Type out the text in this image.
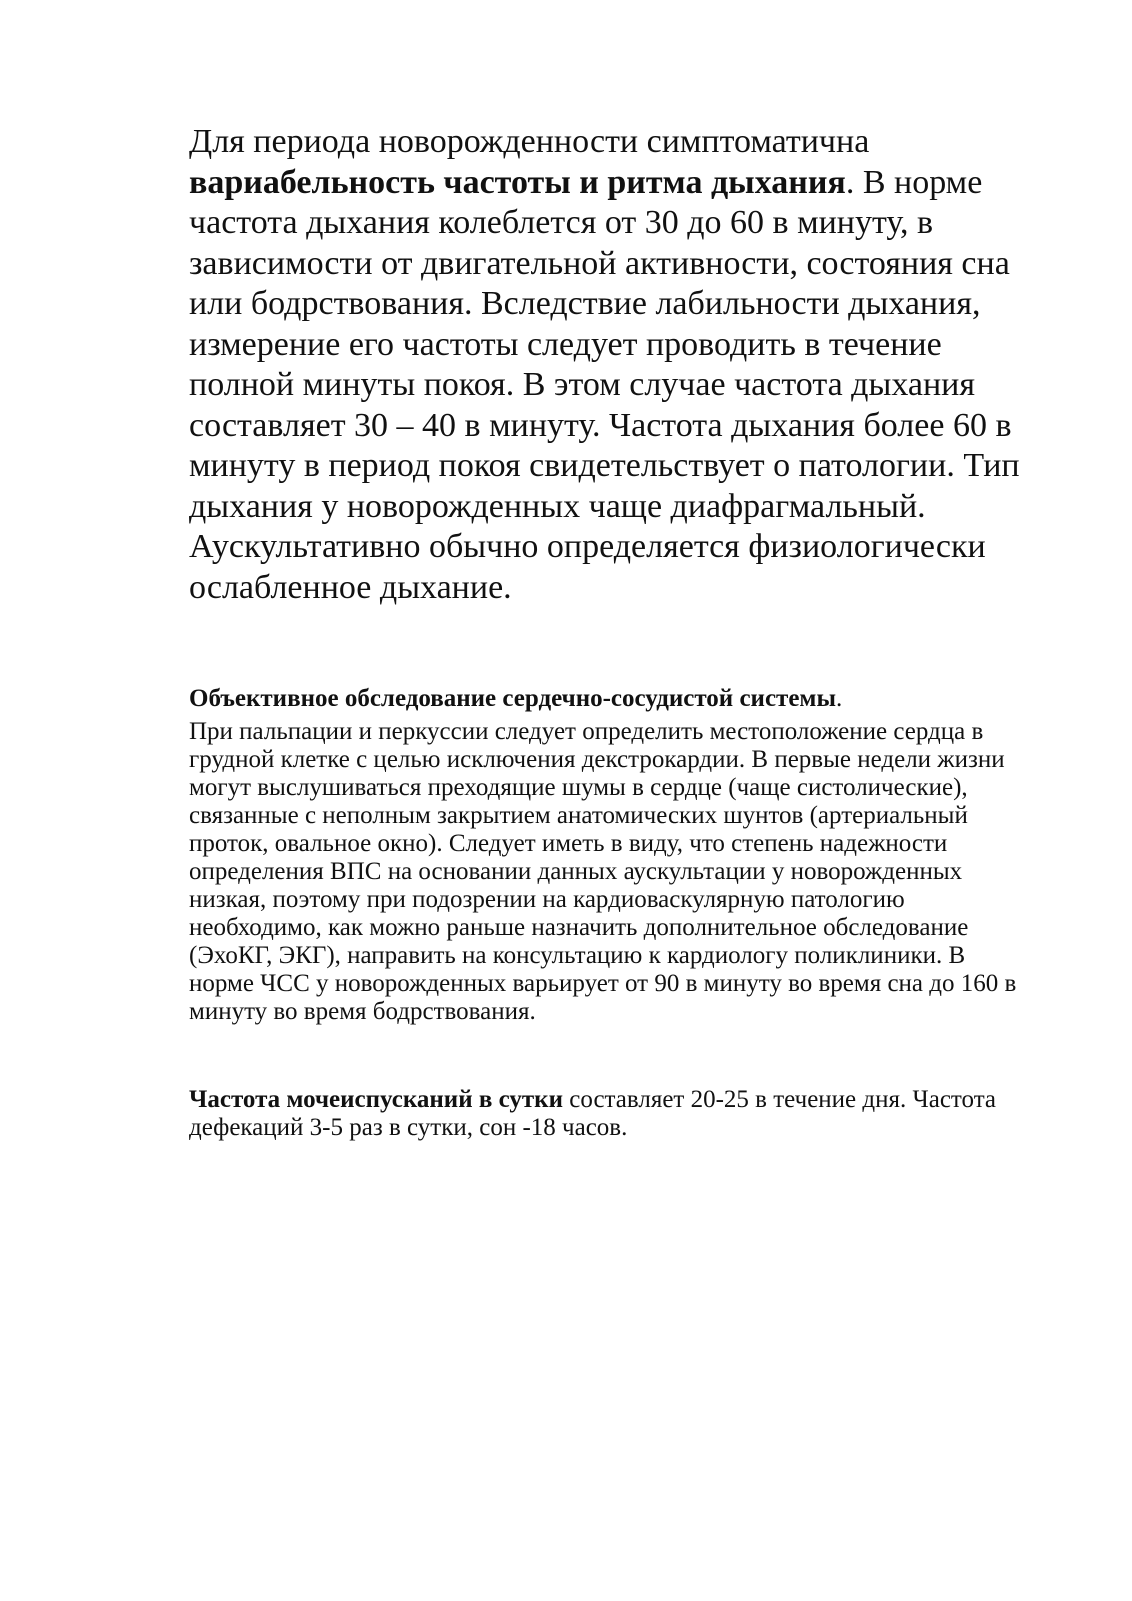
Для периода новорожденности симптоматична вариабельность частоты и ритма дыхания. В норме частота дыхания колеблется от 30 до 60 в минуту, в зависимости от двигательной активности, состояния сна или бодрствования. Вследствие лабильности дыхания, измерение его частоты следует проводить в течение полной минуты покоя. В этом случае частота дыхания составляет 30 – 40 в минуту. Частота дыхания более 60 в минуту в период покоя свидетельствует о патологии. Тип дыхания у новорожденных чаще диафрагмальный. Аускультативно обычно определяется физиологически ослабленное дыхание.

Объективное обследование сердечно-сосудистой системы.

При пальпации и перкуссии следует определить местоположение сердца в грудной клетке с целью исключения декстрокардии. В первые недели жизни могут выслушиваться преходящие шумы в сердце (чаще систолические), связанные с неполным закрытием анатомических шунтов (артериальный проток, овальное окно). Следует иметь в виду, что степень надежности определения ВПС на основании данных аускультации у новорожденных низкая, поэтому при подозрении на кардиоваскулярную патологию необходимо, как можно раньше назначить дополнительное обследование (ЭхоКГ, ЭКГ), направить на консультацию к кардиологу поликлиники. В норме ЧСС у новорожденных варьирует от 90 в минуту во время сна до 160 в минуту во время бодрствования.

Частота мочеиспусканий в сутки составляет 20-25 в течение дня. Частота дефекаций 3-5 раз в сутки, сон -18 часов.
